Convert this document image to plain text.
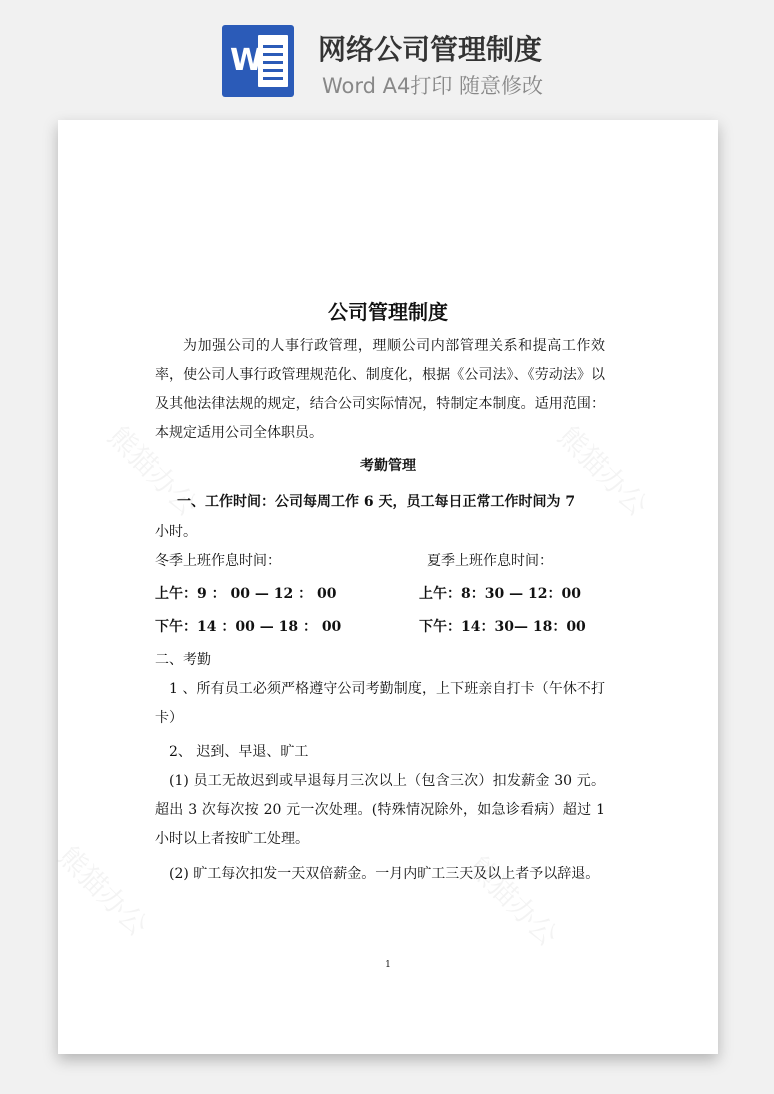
W 网络公司管理制度
Word A4打印 随意修改
熊猫办公	熊猫办公
熊猫办公	熊猫办公
公司管理制度
为加强公司的人事行政管理，理顺公司内部管理关系和提高工作效率，使公司人事行政管理规范化、制度化，根据《公司法》、《劳动法》以及其他法律法规的规定，结合公司实际情况，特制定本制度。适用范围：本规定适用公司全体职员。
考勤管理
一、工作时间：公司每周工作 6 天，员工每日正常工作时间为 7
小时。
冬季上班作息时间：	夏季上班作息时间：
上午：9 ： 00 — 12 ： 00	上午：8：30 — 12：00
下午：14 ：00 — 18 ： 00	下午：14：30— 18：00
二、考勤
1 、所有员工必须严格遵守公司考勤制度，上下班亲自打卡（午休不打卡）
2、 迟到、早退、旷工
(1) 员工无故迟到或早退每月三次以上（包含三次）扣发薪金 30 元。超出 3 次每次按 20 元一次处理。(特殊情况除外，如急诊看病）超过 1 小时以上者按旷工处理。
(2) 旷工每次扣发一天双倍薪金。一月内旷工三天及以上者予以辞退。
1
